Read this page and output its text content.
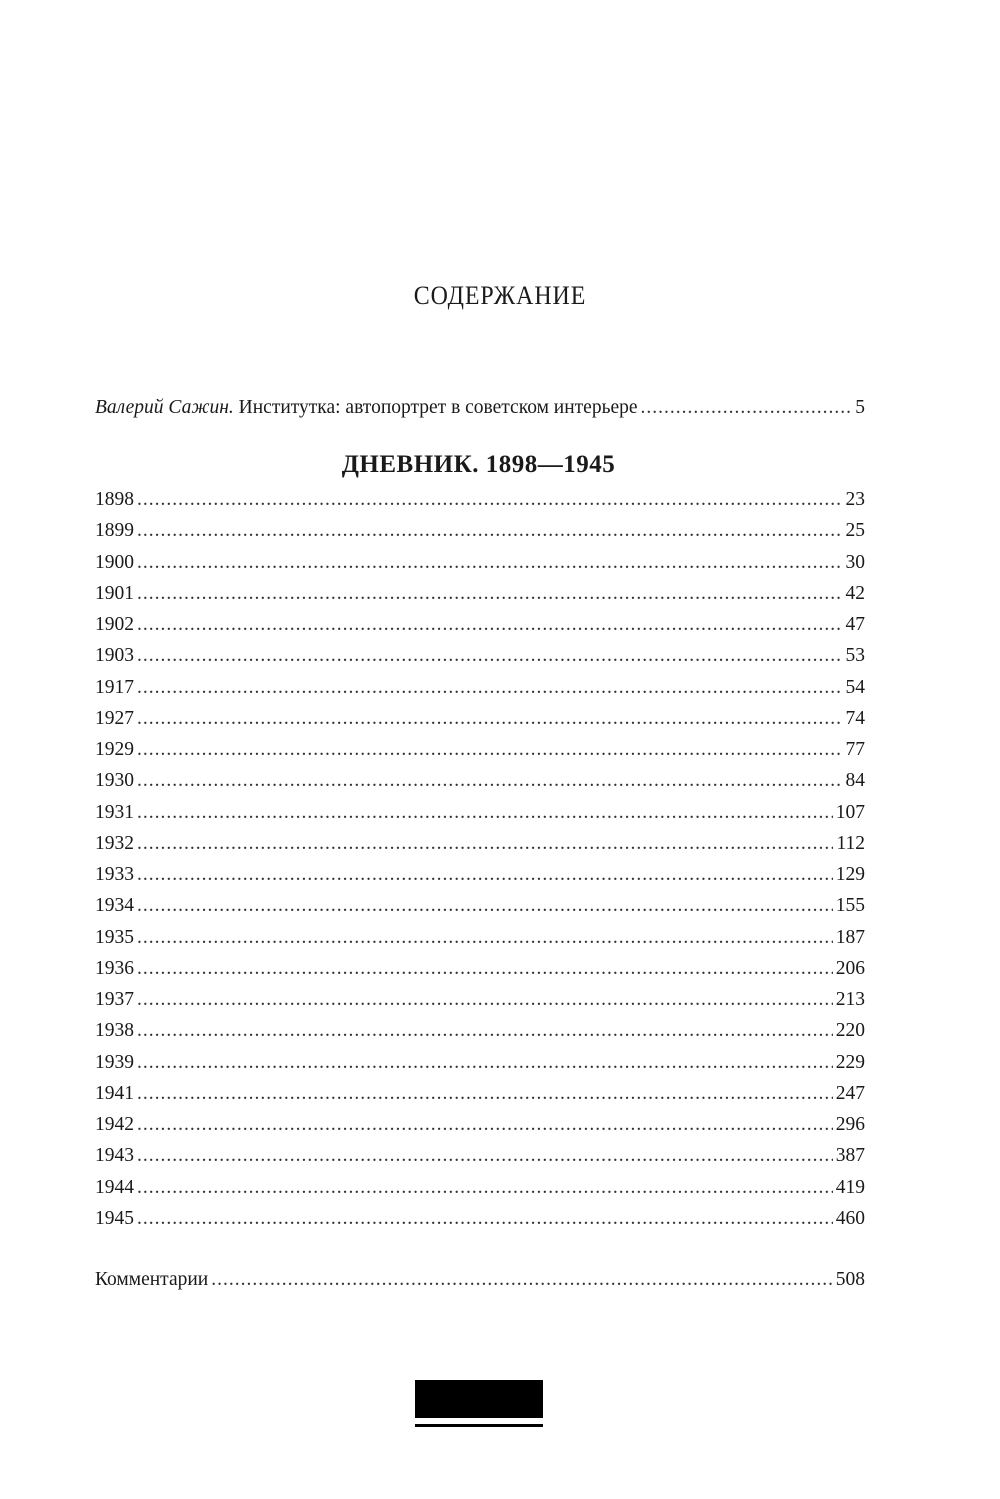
СОДЕРЖАНИЕ
Валерий Сажин. Институтка: автопортрет в советском интерьере .....	5
ДНЕВНИК. 1898—1945
1898 .....	23
1899 .....	25
1900 .....	30
1901 .....	42
1902 .....	47
1903 .....	53
1917 .....	54
1927 .....	74
1929 .....	77
1930 .....	84
1931 .....	107
1932 .....	112
1933 .....	129
1934 .....	155
1935 .....	187
1936 .....	206
1937 .....	213
1938 .....	220
1939 .....	229
1941 .....	247
1942 .....	296
1943 .....	387
1944 .....	419
1945 .....	460
Комментарии .....	508
